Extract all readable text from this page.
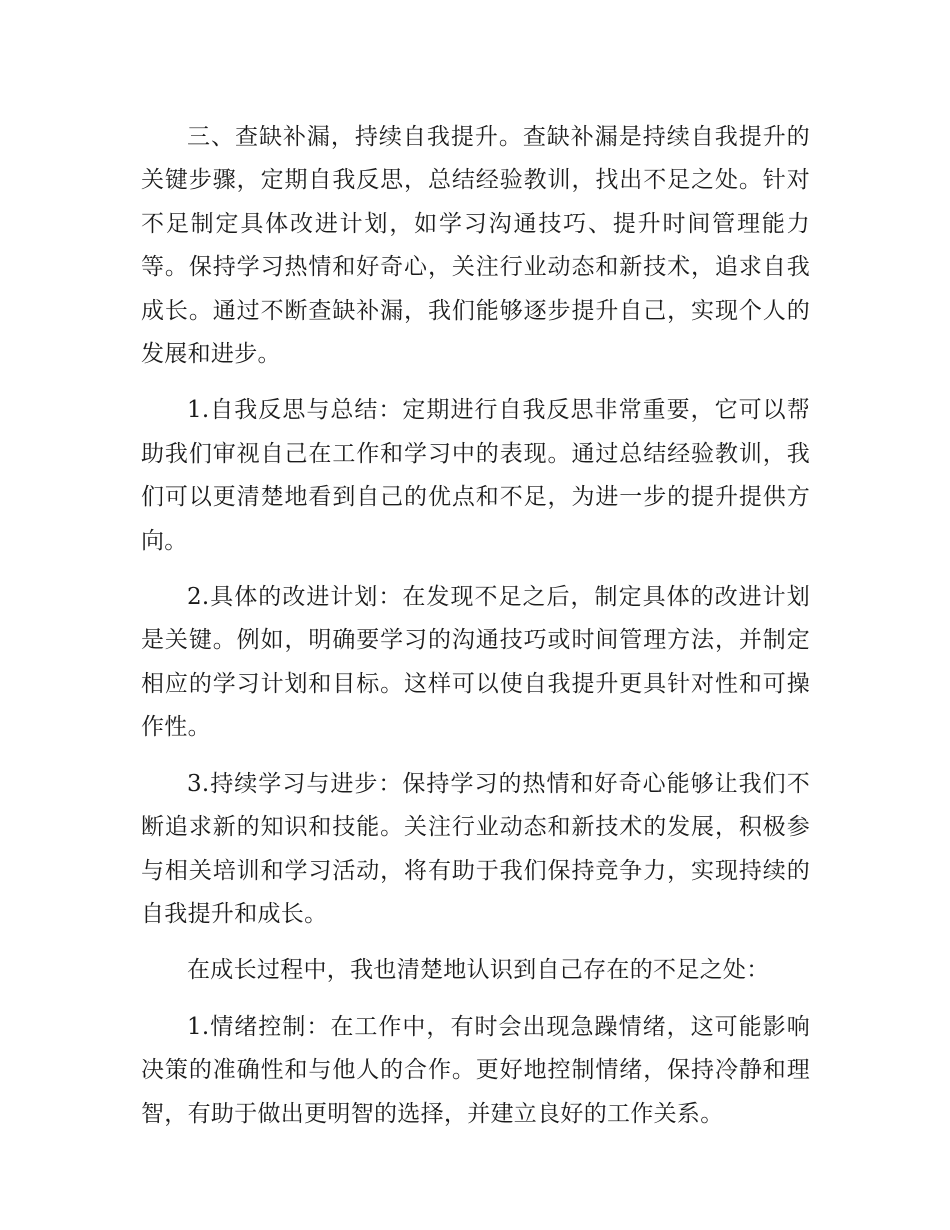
三、查缺补漏，持续自我提升。查缺补漏是持续自我提升的关键步骤，定期自我反思，总结经验教训，找出不足之处。针对不足制定具体改进计划，如学习沟通技巧、提升时间管理能力等。保持学习热情和好奇心，关注行业动态和新技术，追求自我成长。通过不断查缺补漏，我们能够逐步提升自己，实现个人的发展和进步。

1.自我反思与总结：定期进行自我反思非常重要，它可以帮助我们审视自己在工作和学习中的表现。通过总结经验教训，我们可以更清楚地看到自己的优点和不足，为进一步的提升提供方向。

2.具体的改进计划：在发现不足之后，制定具体的改进计划是关键。例如，明确要学习的沟通技巧或时间管理方法，并制定相应的学习计划和目标。这样可以使自我提升更具针对性和可操作性。

3.持续学习与进步：保持学习的热情和好奇心能够让我们不断追求新的知识和技能。关注行业动态和新技术的发展，积极参与相关培训和学习活动，将有助于我们保持竞争力，实现持续的自我提升和成长。

在成长过程中，我也清楚地认识到自己存在的不足之处：

1.情绪控制：在工作中，有时会出现急躁情绪，这可能影响决策的准确性和与他人的合作。更好地控制情绪，保持冷静和理智，有助于做出更明智的选择，并建立良好的工作关系。
